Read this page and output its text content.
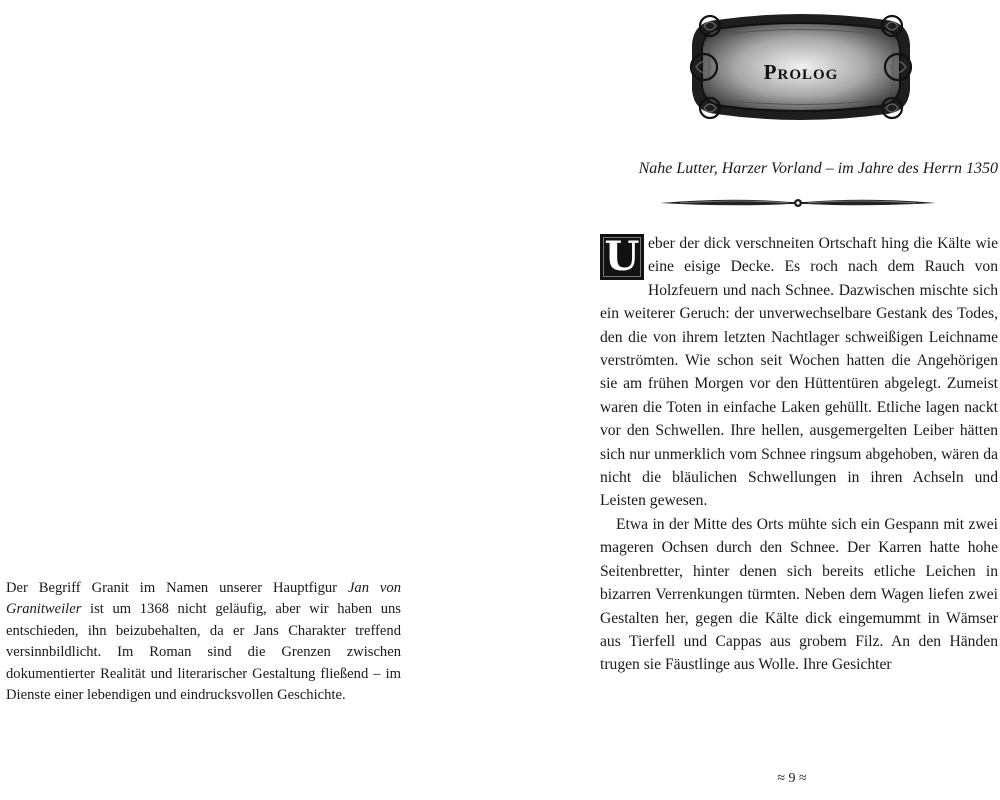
Der Begriff Granit im Namen unserer Hauptfigur Jan von Granitweiler ist um 1368 nicht geläufig, aber wir haben uns entschieden, ihn beizubehalten, da er Jans Charakter treffend versinnbildlicht. Im Roman sind die Grenzen zwischen dokumentierter Realität und literarischer Gestaltung fließend – im Dienste einer lebendigen und eindrucksvollen Geschichte.
Prolog
Nahe Lutter, Harzer Vorland – im Jahre des Herrn 1350

U eber der dick verschneiten Ortschaft hing die Kälte wie eine eisige Decke. Es roch nach dem Rauch von Holzfeuern und nach Schnee. Dazwischen mischte sich ein weiterer Geruch: der unverwechselbare Gestank des Todes, den die von ihrem letzten Nachtlager schweißigen Leichname verströmten. Wie schon seit Wochen hatten die Angehörigen sie am frühen Morgen vor den Hüttentüren abgelegt. Zumeist waren die Toten in einfache Laken gehüllt. Etliche lagen nackt vor den Schwellen. Ihre hellen, ausgemergelten Leiber hätten sich nur unmerklich vom Schnee ringsum abgehoben, wären da nicht die bläulichen Schwellungen in ihren Achseln und Leisten gewesen.

Etwa in der Mitte des Orts mühte sich ein Gespann mit zwei mageren Ochsen durch den Schnee. Der Karren hatte hohe Seitenbretter, hinter denen sich bereits etliche Leichen in bizarren Verrenkungen türmten. Neben dem Wagen liefen zwei Gestalten her, gegen die Kälte dick eingemummt in Wämser aus Tierfell und Cappas aus grobem Filz. An den Händen trugen sie Fäustlinge aus Wolle. Ihre Gesichter

≈ 9 ≈
